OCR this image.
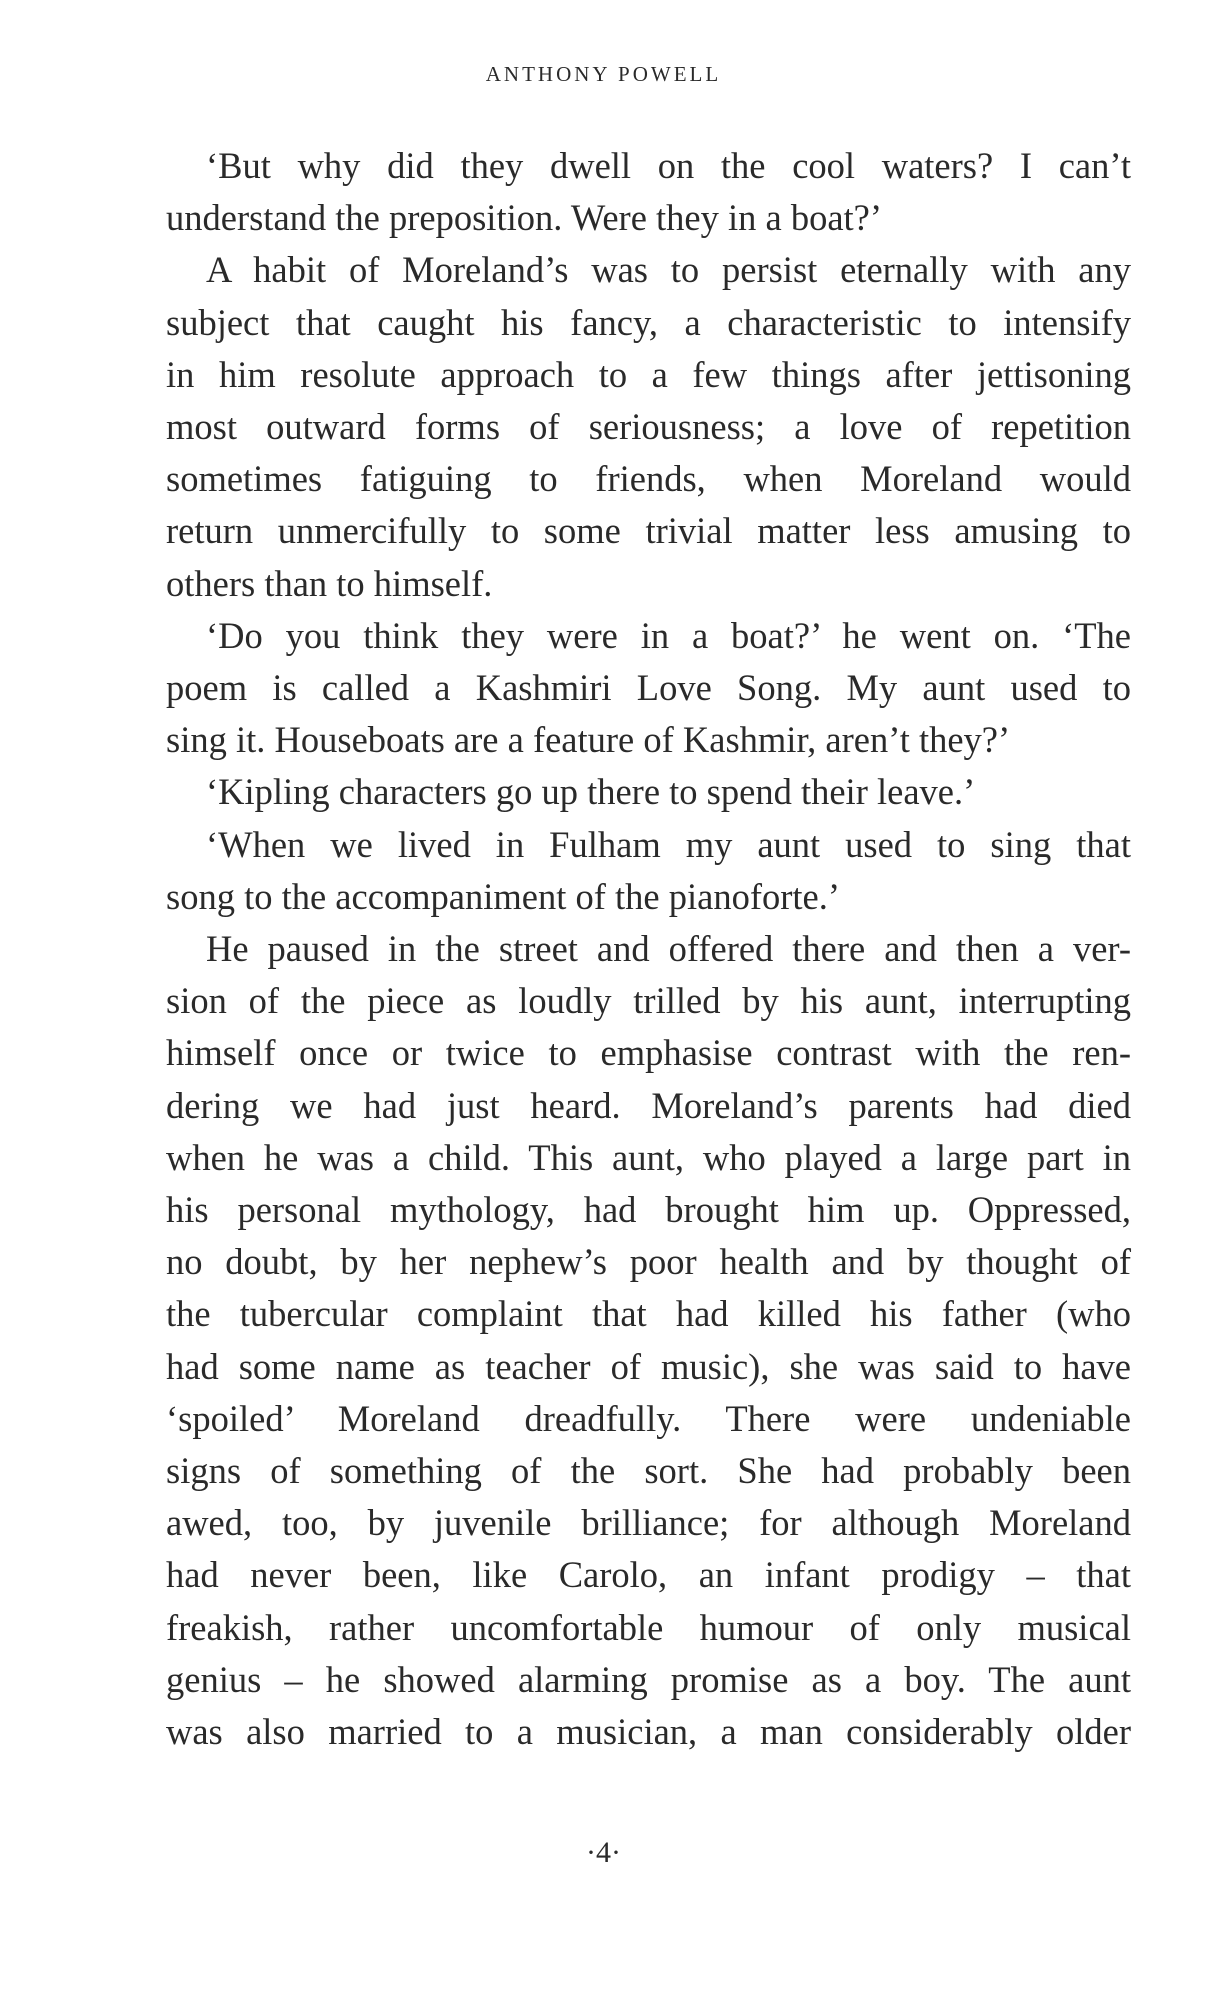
ANTHONY POWELL
‘But why did they dwell on the cool waters? I can’t
understand the preposition. Were they in a boat?’
A habit of Moreland’s was to persist eternally with any
subject that caught his fancy, a characteristic to intensify
in him resolute approach to a few things after jettisoning
most outward forms of seriousness; a love of repetition
sometimes fatiguing to friends, when Moreland would
return unmercifully to some trivial matter less amusing to
others than to himself.
‘Do you think they were in a boat?’ he went on. ‘The
poem is called a Kashmiri Love Song. My aunt used to
sing it. Houseboats are a feature of Kashmir, aren’t they?’
‘Kipling characters go up there to spend their leave.’
‘When we lived in Fulham my aunt used to sing that
song to the accompaniment of the pianoforte.’
He paused in the street and offered there and then a ver-
sion of the piece as loudly trilled by his aunt, interrupting
himself once or twice to emphasise contrast with the ren-
dering we had just heard. Moreland’s parents had died
when he was a child. This aunt, who played a large part in
his personal mythology, had brought him up. Oppressed,
no doubt, by her nephew’s poor health and by thought of
the tubercular complaint that had killed his father (who
had some name as teacher of music), she was said to have
‘spoiled’ Moreland dreadfully. There were undeniable
signs of something of the sort. She had probably been
awed, too, by juvenile brilliance; for although Moreland
had never been, like Carolo, an infant prodigy – that
freakish, rather uncomfortable humour of only musical
genius – he showed alarming promise as a boy. The aunt
was also married to a musician, a man considerably older
·4·
